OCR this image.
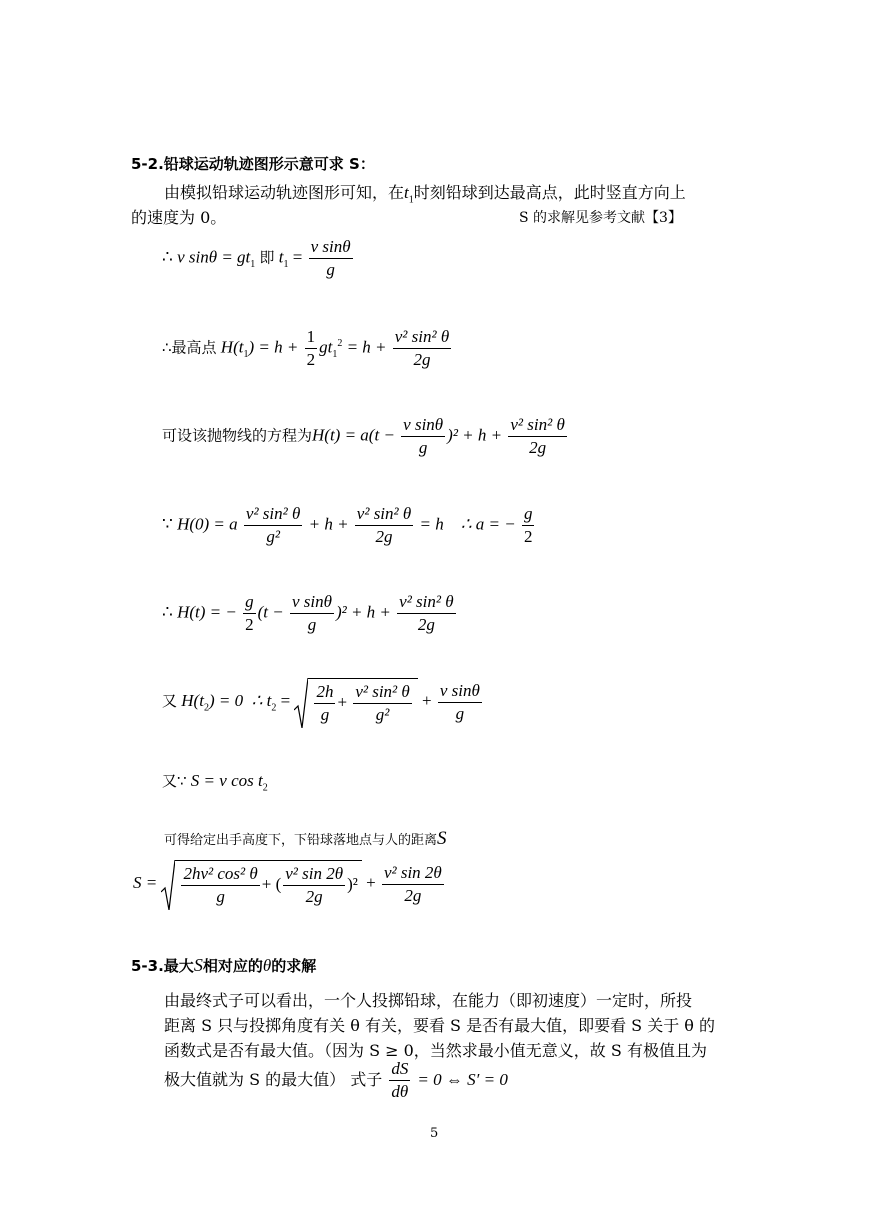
5-2.铅球运动轨迹图形示意可求 S：
由模拟铅球运动轨迹图形可知，在$t_1$时刻铅球到达最高点，此时竖直方向上
的速度为 0。	S 的求解见参考文献【3】
∴ v $\sin\theta = gt_1$ 即 $t_1 = \frac{\text{v sinθ}}{g}$
∴最高点 $H(t_1) = h + \frac{1}{2} gt_1^2 = h + \frac{\text{v² sin² θ}}{2g}$
可设该抛物线的方程为$H(t) = a(t - \frac{\text{v sinθ}}{g} )^2 + h + \frac{\text{v² sin² θ}}{2g}$
∵ H(0) = a $\frac{\text{v² sin² θ}}{\text{g²}} + h + \frac{\text{v² sin² θ}}{2g} = h$ ∴ a = − $\frac{g}{2}$
∴ H(t) = − $\frac{g}{2} (t - \frac{\text{v sinθ}}{g} )^2 + h + \frac{\text{v² sin² θ}}{2g}$
又 $H(t_2) = 0$ ∴ $t_2 = \frac{2h}{g} + \frac{\text{v² sin² θ}}{\text{g²}} + \frac{\text{v sinθ}}{g}$
又∵ S = v $\cos t_2$
可得给定出手高度下，下铅球落地点与人的距离S
$S = \frac{\text{2hv² cos² θ}}{g}$ + ( $\frac{\text{v² sin 2θ}}{2g} )^2 + \frac{\text{v² sin 2θ}}{2g}$
5-3.最大S相对应的θ的求解
由最终式子可以看出，一个人投掷铅球，在能力（即初速度）一定时，所投
距离 S 只与投掷角度有关 θ 有关，要看 S 是否有最大值，即要看 S 关于 θ 的
函数式是否有最大值。（因为 S ≥ 0，当然求最小值无意义，故 S 有极值且为
极大值就为 S 的最大值） 式子 $\frac{dS}{d\theta} = 0$ ⇔ S′ = 0
5
